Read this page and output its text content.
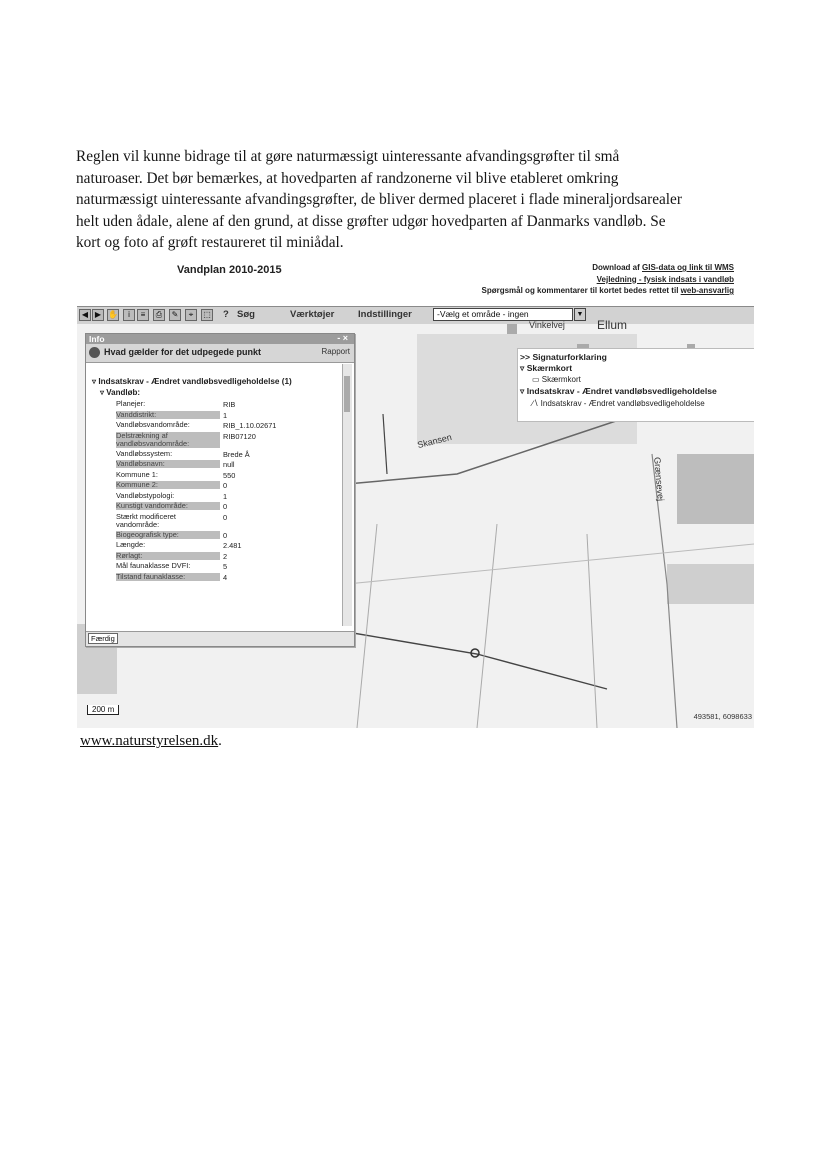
Reglen vil kunne bidrage til at gøre naturmæssigt uinteressante afvandingsgrøfter til små
naturoaser. Det bør bemærkes, at hovedparten af randzonerne vil blive etableret omkring
naturmæssigt uinteressante afvandingsgrøfter, de bliver dermed placeret i flade mineraljordsarealer
helt uden ådale, alene af den grund, at disse grøfter udgør hovedparten af Danmarks vandløb. Se
kort og foto af grøft restaureret til miniådal.
Vandplan 2010-2015	Download af GIS-data og link til WMS
Vejledning - fysisk indsats i vandløb
Spørgsmål og kommentarer til kortet bedes rettet til web-ansvarlig
◀ ▶ ✋	i	≡	⎙	✎	⌖	⬚ ? Søg	Værktøjer Indstillinger	-Vælg et område - ingen	▼
Ellum
Vinkelvej
Skansen
Grænsevej
Info	- ×
Hvad gælder for det udpegede punkt	Rapport
▿ Indsatskrav - Ændret vandløbsvedligeholdelse (1)
▿ Vandløb:
Planejer:	RIB
Vanddistrikt:	1
Vandløbsvandområde:	RIB_1.10.02671
Delstrækning af vandløbsvandområde:
RIB07120
Vandløbssystem:	Brede Å
Vandløbsnavn:	null
Kommune 1:	550
Kommune 2:	0
Vandløbstypologi:	1
Kunstigt vandområde:	0
Stærkt modificeret vandområde:
0
Biogeografisk type:	0
Længde:	2.481
Rørlagt:	2
Mål faunaklasse DVFI:	5
Tilstand faunaklasse:	4
Færdig
>> Signaturforklaring
▿ Skærmkort
▭ Skærmkort
▿ Indsatskrav - Ændret vandløbsvedligeholdelse
∕∖ Indsatskrav - Ændret vandløbsvedligeholdelse
200 m
493581, 6098633
www.naturstyrelsen.dk.
